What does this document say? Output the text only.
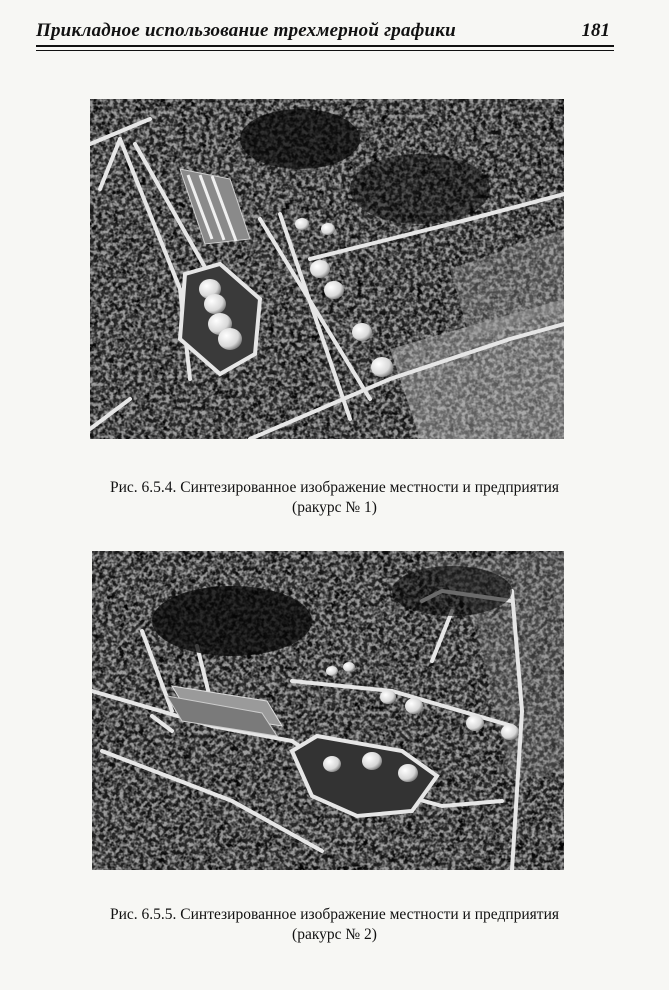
Прикладное использование трехмерной графики	181
Рис. 6.5.4. Синтезированное изображение местности и предприятия
(ракурс № 1)
Рис. 6.5.5. Синтезированное изображение местности и предприятия
(ракурс № 2)
